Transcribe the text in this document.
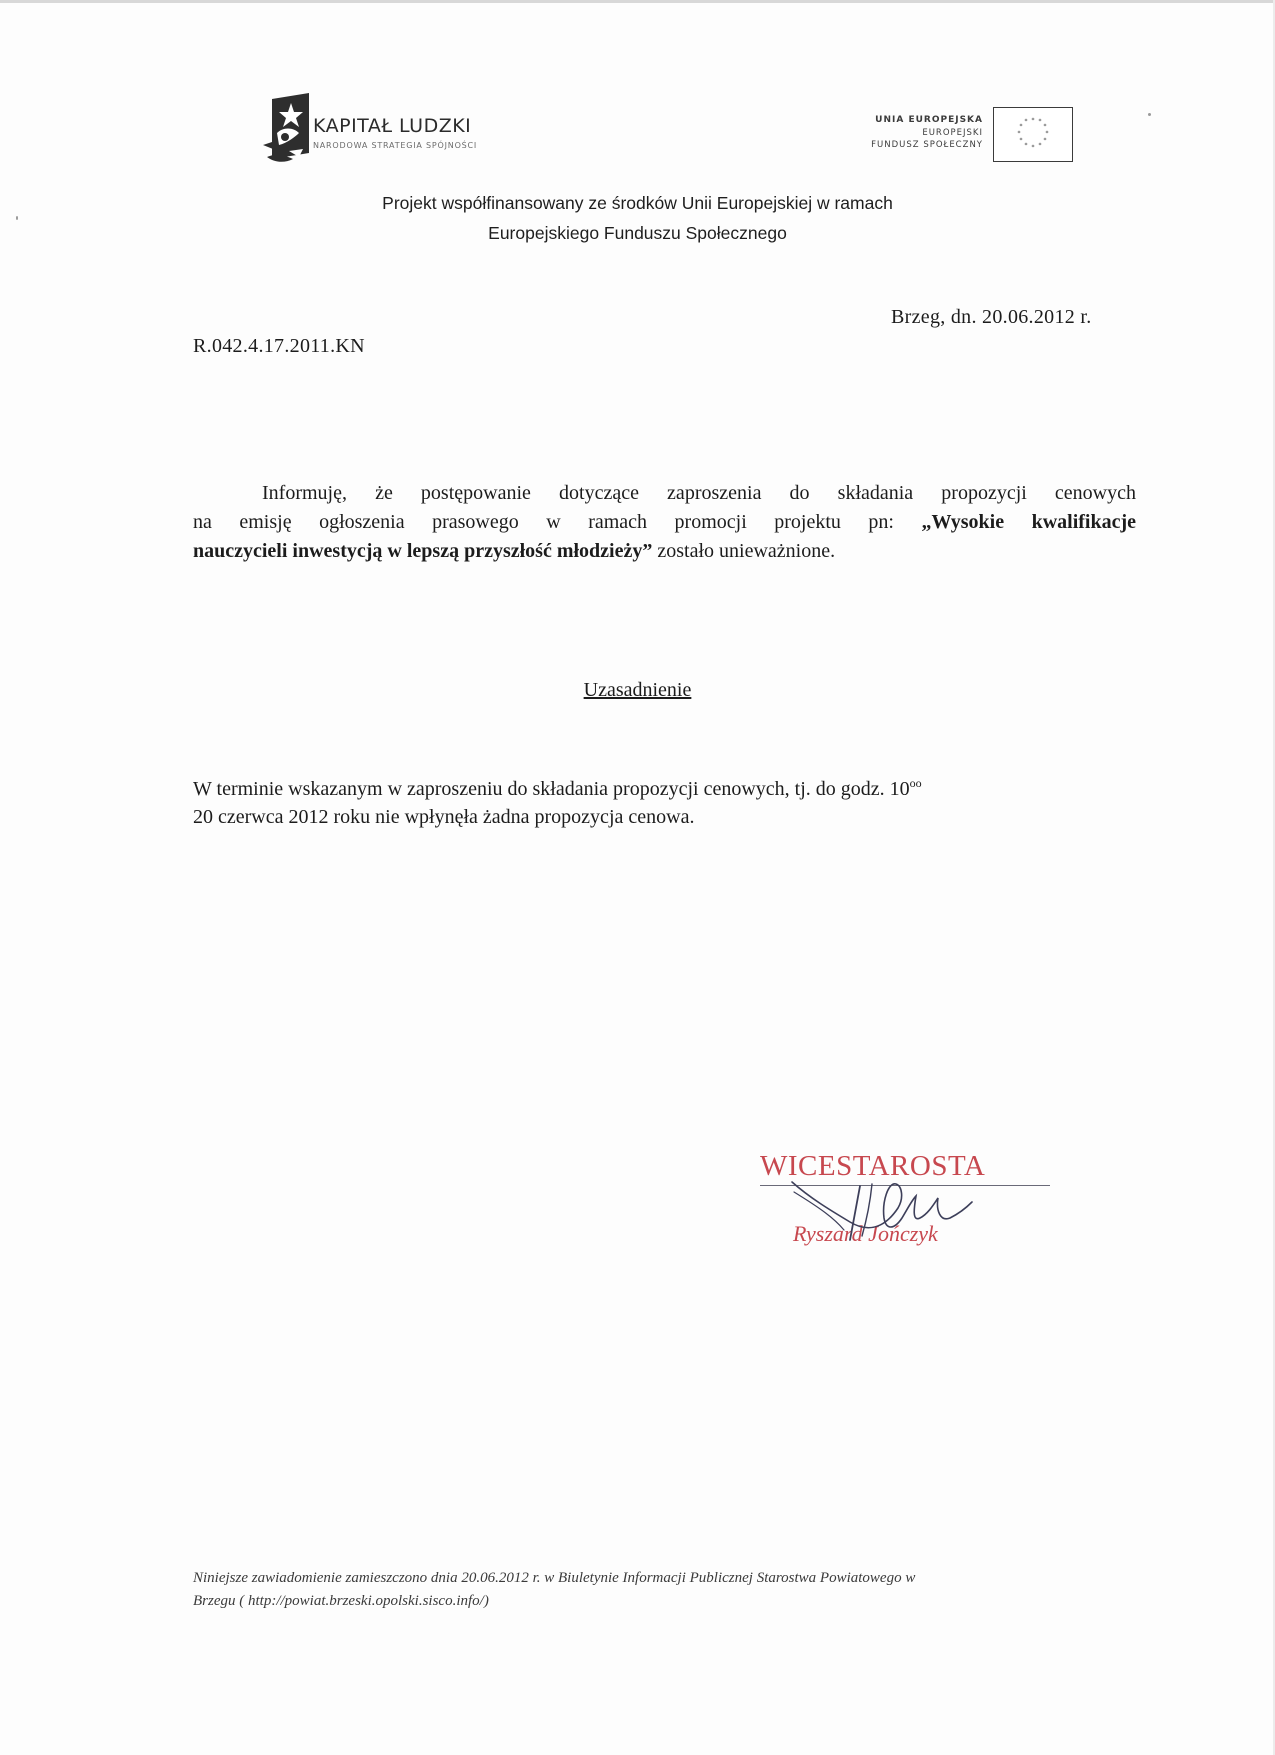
KAPITAŁ LUDZKI
NARODOWA STRATEGIA SPÓJNOŚCI
UNIA EUROPEJSKA
EUROPEJSKI
FUNDUSZ SPOŁECZNY
* *
*
*
*
*
*
*
*
*
*
*
Projekt współfinansowany ze środków Unii Europejskiej w ramach
Europejskiego Funduszu Społecznego
R.042.4.17.2011.KN
Brzeg, dn. 20.06.2012 r.
Informuję, że postępowanie dotyczące zaproszenia do składania propozycji cenowych
na emisję ogłoszenia prasowego w ramach promocji projektu pn: „Wysokie kwalifikacje
nauczycieli inwestycją w lepszą przyszłość młodzieży” zostało unieważnione.
Uzasadnienie
W terminie wskazanym w zaproszeniu do składania propozycji cenowych, tj. do godz. $10^{oo}$
20 czerwca 2012 roku nie wpłynęła żadna propozycja cenowa.
WICESTAROSTA
Ryszard Jończyk
Niniejsze zawiadomienie zamieszczono dnia 20.06.2012 r. w Biuletynie Informacji Publicznej Starostwa Powiatowego w
Brzegu ( http://powiat.brzeski.opolski.sisco.info/)
